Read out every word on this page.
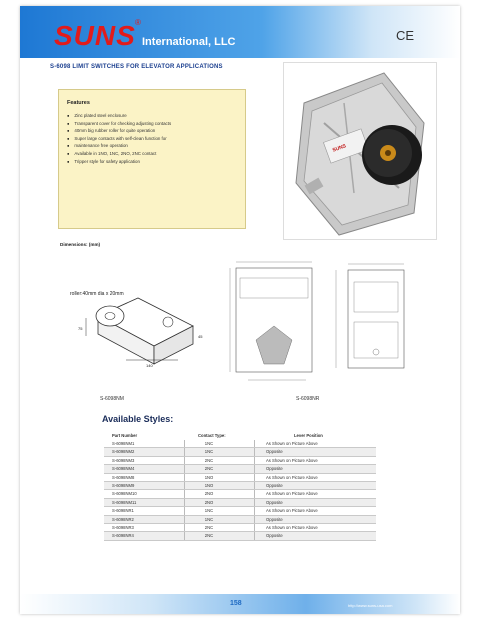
SUNS ®
International, LLC	CE
S-6098 LIMIT SWITCHES FOR ELEVATOR APPLICATIONS
Features
● Zinc plated steel enclosure
● Transparent cover for checking adjusting contacts
● 40mm big rubber roller for quite operation
● Super large contacts with self-clean function for
● maintenance free operation
● Available in 1NO, 1NC, 2NO, 2NC contact
● Tripper style for safety application
SUNS
Dimensions: (mm)
roller:40mm dia x 20mm
75
140
45
S-6098NM	S-6098NR
Available Styles:
Part Number	Contact Type:	Lever Position
S-6098NM1	1NC	As Shown on Picture Above
S-6098NM2	1NC	Opposite
S-6098NM3	2NC	As Shown on Picture Above
S-6098NM4	2NC	Opposite
S-6098NM8	1NO	As Shown on Picture Above
S-6098NM9	1NO	Opposite
S-6098NM10	2NO	As Shown on Picture Above
S-6098NM11	2NO	Opposite
S-6098NR1	1NC	As Shown on Picture Above
S-6098NR2	1NC	Opposite
S-6098NR3	2NC	As Shown on Picture Above
S-6098NR4	2NC	Opposite
158	http://www.suns-usa.com
